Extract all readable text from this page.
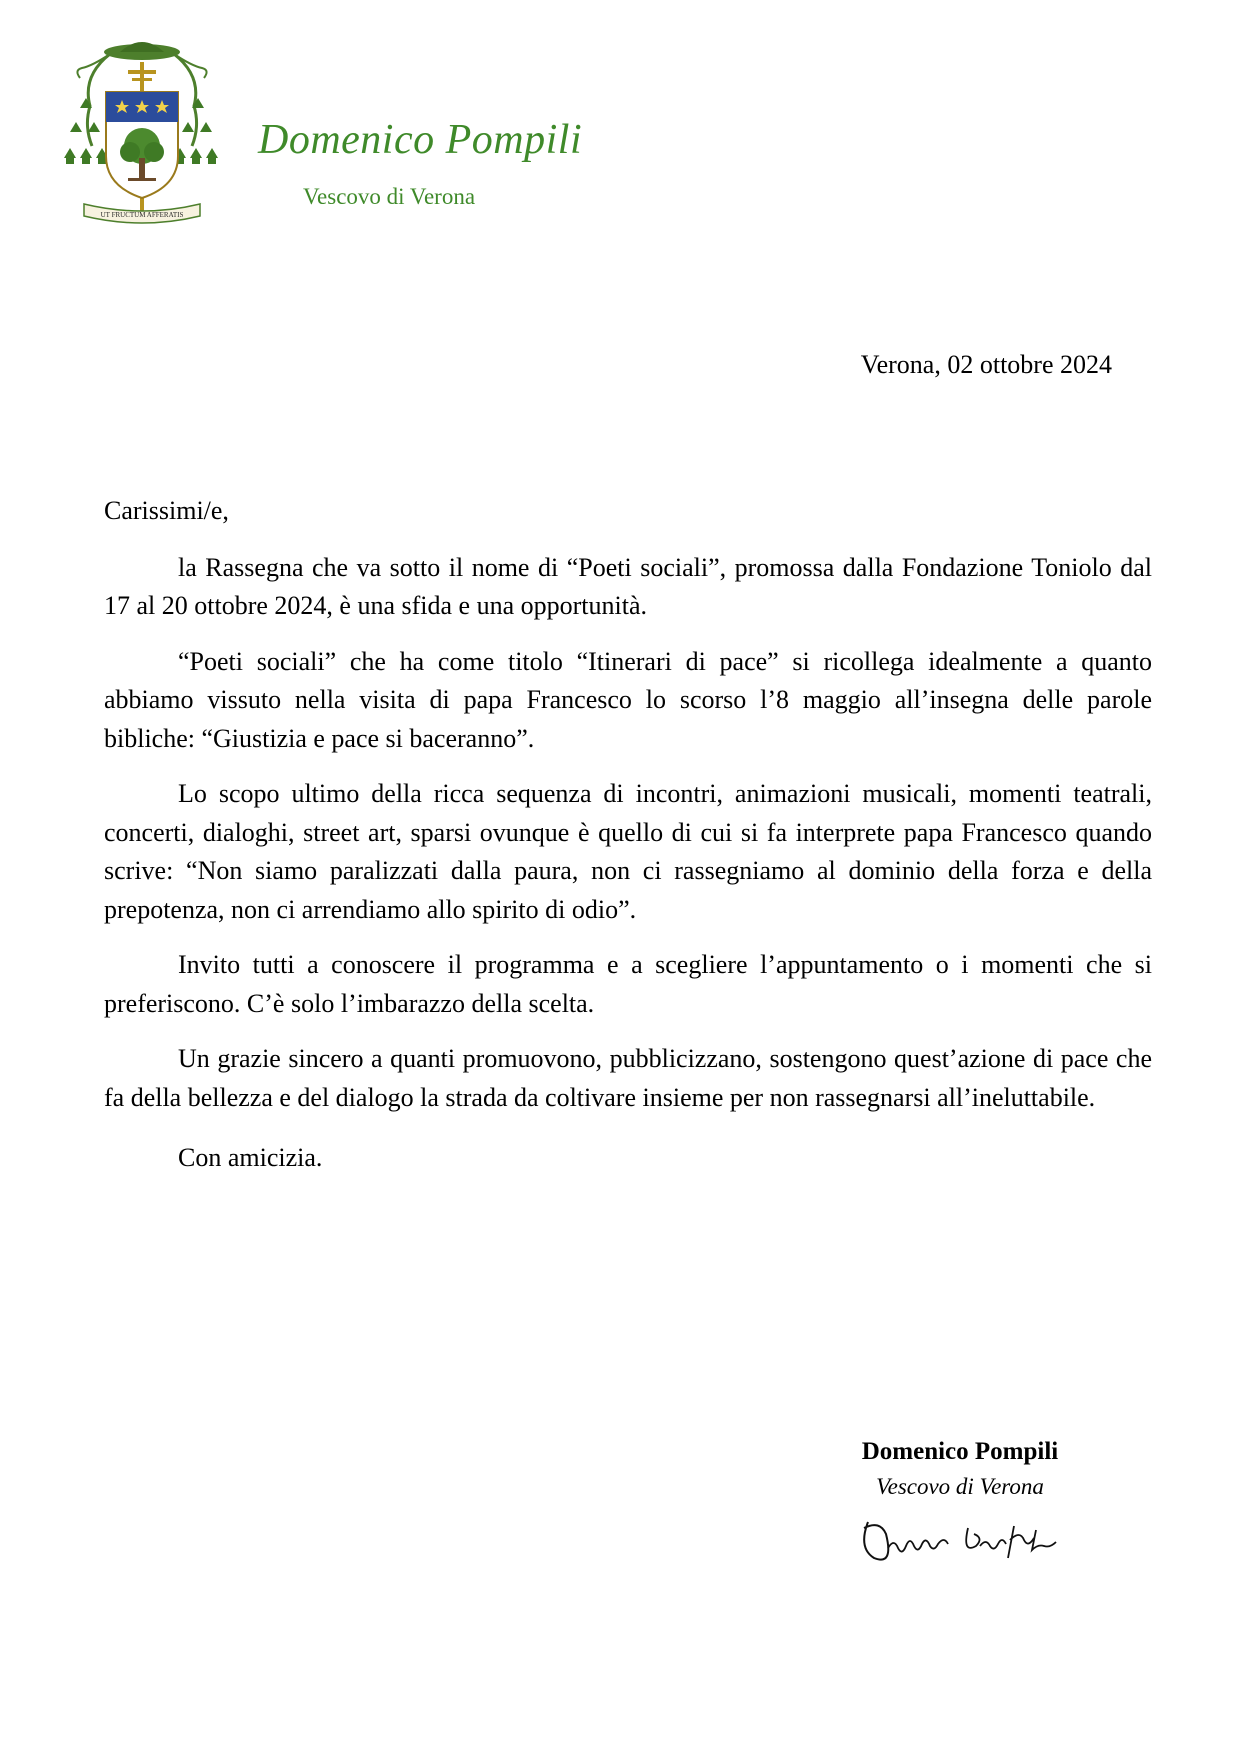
UT FRUCTUM AFFERATIS
Domenico Pompili
Vescovo di Verona
Verona, 02 ottobre 2024

Carissimi/e,

la Rassegna che va sotto il nome di “Poeti sociali”, promossa dalla Fondazione Toniolo dal 17 al 20 ottobre 2024, è una sfida e una opportunità.

“Poeti sociali” che ha come titolo “Itinerari di pace” si ricollega idealmente a quanto abbiamo vissuto nella visita di papa Francesco lo scorso l’8 maggio all’insegna delle parole bibliche: “Giustizia e pace si baceranno”.

Lo scopo ultimo della ricca sequenza di incontri, animazioni musicali, momenti teatrali, concerti, dialoghi, street art, sparsi ovunque è quello di cui si fa interprete papa Francesco quando scrive: “Non siamo paralizzati dalla paura, non ci rassegniamo al dominio della forza e della prepotenza, non ci arrendiamo allo spirito di odio”.

Invito tutti a conoscere il programma e a scegliere l’appuntamento o i momenti che si preferiscono. C’è solo l’imbarazzo della scelta.

Un grazie sincero a quanti promuovono, pubblicizzano, sostengono quest’azione di pace che fa della bellezza e del dialogo la strada da coltivare insieme per non rassegnarsi all’ineluttabile.

Con amicizia.

Domenico Pompili
Vescovo di Verona
